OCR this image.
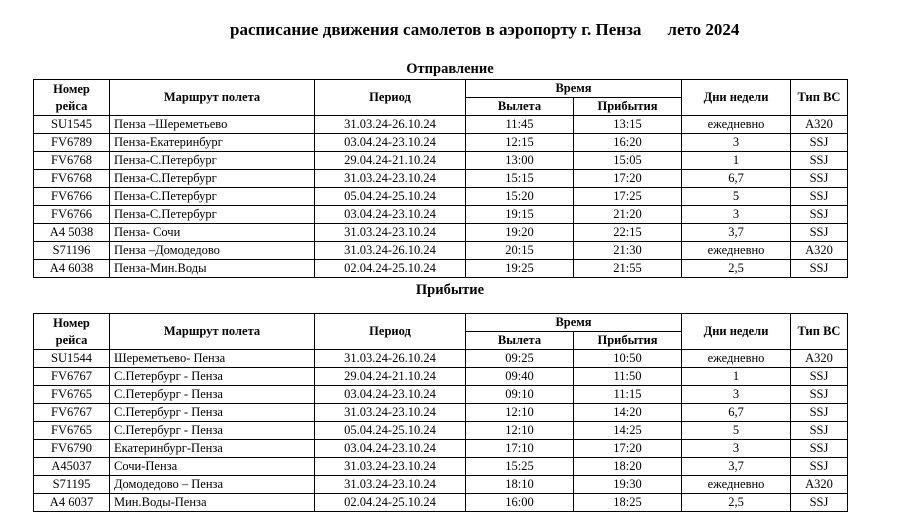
расписание движения самолетов в аэропорту г. Пенза лето 2024
Отправление
Номер
рейса	Маршрут полета	Период	Время		Дни недели	Тип ВС
			Вылета	Прибытия		
SU1545	Пенза –Шереметьево	31.03.24-26.10.24	11:45	13:15	ежедневно	А320
FV6789	Пенза-Екатеринбург	03.04.24-23.10.24	12:15	16:20	3	SSJ
FV6768	Пенза-С.Петербург	29.04.24-21.10.24	13:00	15:05	1	SSJ
FV6768	Пенза-С.Петербург	31.03.24-23.10.24	15:15	17:20	6,7	SSJ
FV6766	Пенза-С.Петербург	05.04.24-25.10.24	15:20	17:25	5	SSJ
FV6766	Пенза-С.Петербург	03.04.24-23.10.24	19:15	21:20	3	SSJ
А4 5038	Пенза- Сочи	31.03.24-23.10.24	19:20	22:15	3,7	SSJ
S71196	Пенза –Домодедово	31.03.24-26.10.24	20:15	21:30	ежедневно	А320
А4 6038	Пенза-Мин.Воды	02.04.24-25.10.24	19:25	21:55	2,5	SSJ
Прибытие
Номер
рейса	Маршрут полета	Период	Время		Дни недели	Тип ВС
			Вылета	Прибытия		
SU1544	Шереметьево- Пенза	31.03.24-26.10.24	09:25	10:50	ежедневно	А320
FV6767	С.Петербург - Пенза	29.04.24-21.10.24	09:40	11:50	1	SSJ
FV6765	С.Петербург - Пенза	03.04.24-23.10.24	09:10	11:15	3	SSJ
FV6767	С.Петербург - Пенза	31.03.24-23.10.24	12:10	14:20	6,7	SSJ
FV6765	С.Петербург - Пенза	05.04.24-25.10.24	12:10	14:25	5	SSJ
FV6790	Екатеринбург-Пенза	03.04.24-23.10.24	17:10	17:20	3	SSJ
А45037	Сочи-Пенза	31.03.24-23.10.24	15:25	18:20	3,7	SSJ
S71195	Домодедово – Пенза	31.03.24-23.10.24	18:10	19:30	ежедневно	А320
А4 6037	Мин.Воды-Пенза	02.04.24-25.10.24	16:00	18:25	2,5	SSJ
